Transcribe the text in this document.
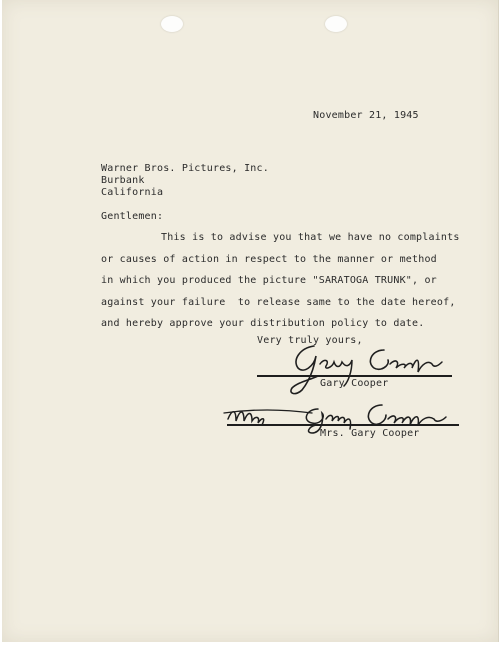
November 21, 1945
Warner Bros. Pictures, Inc.
Burbank
California
Gentlemen:
This is to advise you that we have no complaints
or causes of action in respect to the manner or method
in which you produced the picture "SARATOGA TRUNK", or
against your failure  to release same to the date hereof,
and hereby approve your distribution policy to date.
Very truly yours,
Gary Cooper
Mrs. Gary Cooper
